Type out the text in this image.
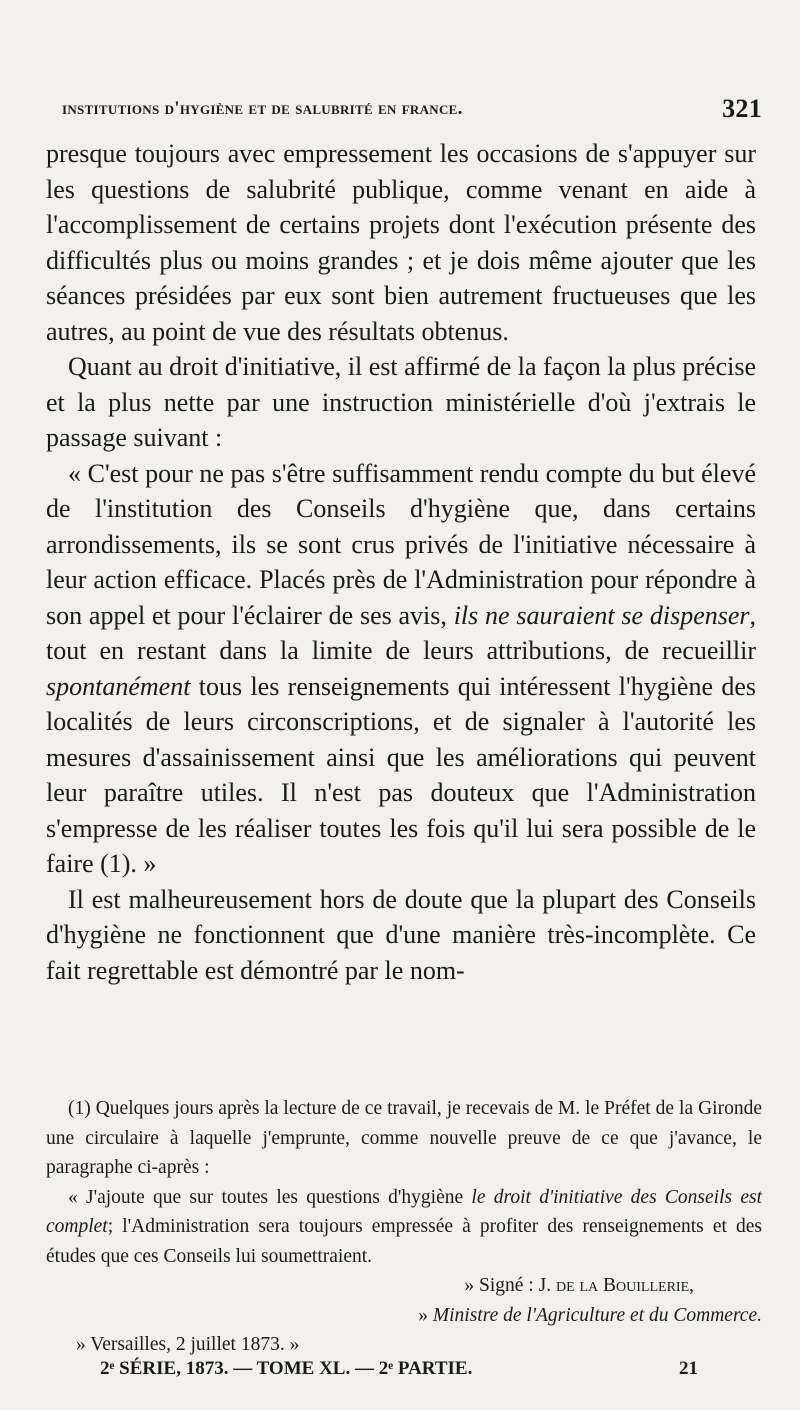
institutions d'hygiène et de salubrité en france.	321

presque toujours avec empressement les occasions de s'appuyer sur les questions de salubrité publique, comme venant en aide à l'accomplissement de certains projets dont l'exécution présente des difficultés plus ou moins grandes ; et je dois même ajouter que les séances présidées par eux sont bien autrement fructueuses que les autres, au point de vue des résultats obtenus.

Quant au droit d'initiative, il est affirmé de la façon la plus précise et la plus nette par une instruction ministérielle d'où j'extrais le passage suivant :

« C'est pour ne pas s'être suffisamment rendu compte du but élevé de l'institution des Conseils d'hygiène que, dans certains arrondissements, ils se sont crus privés de l'initiative nécessaire à leur action efficace. Placés près de l'Administration pour répondre à son appel et pour l'éclairer de ses avis, ils ne sauraient se dispenser, tout en restant dans la limite de leurs attributions, de recueillir spontanément tous les renseignements qui intéressent l'hygiène des localités de leurs circonscriptions, et de signaler à l'autorité les mesures d'assainissement ainsi que les améliorations qui peuvent leur paraître utiles. Il n'est pas douteux que l'Administration s'empresse de les réaliser toutes les fois qu'il lui sera possible de le faire (1). »

Il est malheureusement hors de doute que la plupart des Conseils d'hygiène ne fonctionnent que d'une manière très-incomplète. Ce fait regrettable est démontré par le nom-

(1) Quelques jours après la lecture de ce travail, je recevais de M. le Préfet de la Gironde une circulaire à laquelle j'emprunte, comme nouvelle preuve de ce que j'avance, le paragraphe ci-après :

« J'ajoute que sur toutes les questions d'hygiène le droit d'initiative des Conseils est complet; l'Administration sera toujours empressée à profiter des renseignements et des études que ces Conseils lui soumettraient.

» Signé : J. de la Bouillerie,

» Ministre de l'Agriculture et du Commerce.

» Versailles, 2 juillet 1873. »

2ᵉ SÉRIE, 1873. — TOME XL. — 2ᵉ PARTIE.	21
